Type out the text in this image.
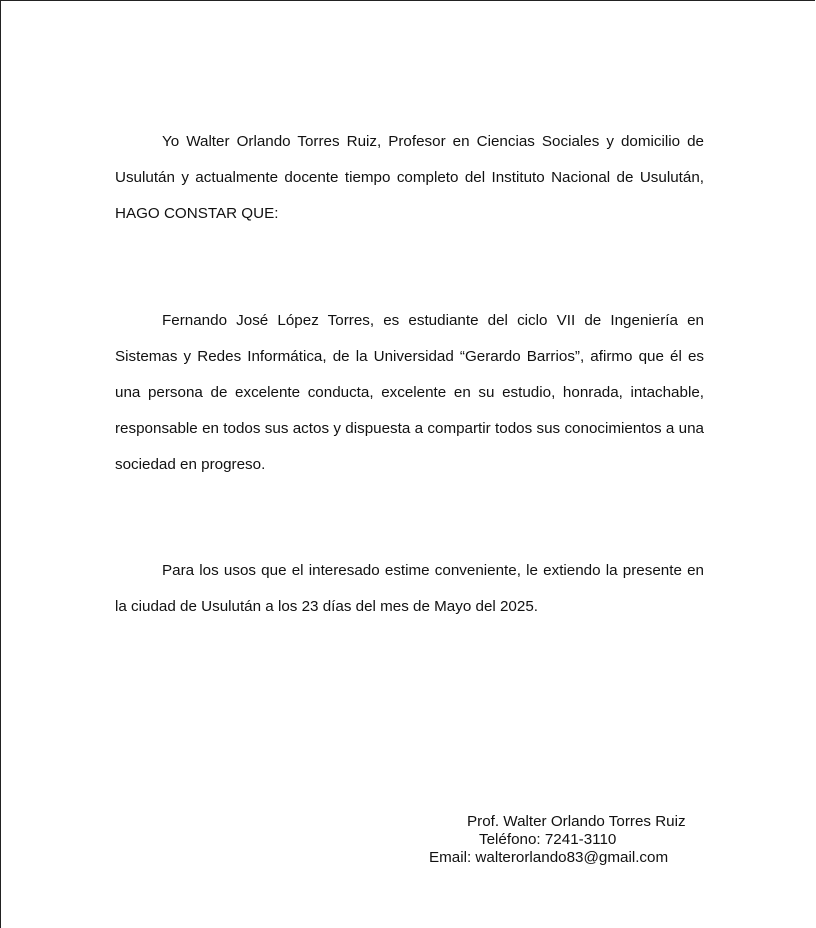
Yo Walter Orlando Torres Ruiz, Profesor en Ciencias Sociales y domicilio de Usulután y actualmente docente tiempo completo del Instituto Nacional de Usulután, HAGO CONSTAR QUE:

Fernando José López Torres, es estudiante del ciclo VII de Ingeniería en Sistemas y Redes Informática, de la Universidad “Gerardo Barrios”, afirmo que él es una persona de excelente conducta, excelente en su estudio, honrada, intachable, responsable en todos sus actos y dispuesta a compartir todos sus conocimientos a una sociedad en progreso.

Para los usos que el interesado estime conveniente, le extiendo la presente en la ciudad de Usulután a los 23 días del mes de Mayo del 2025.

Prof. Walter Orlando Torres Ruiz

Teléfono: 7241-3110

Email: walterorlando83@gmail.com
